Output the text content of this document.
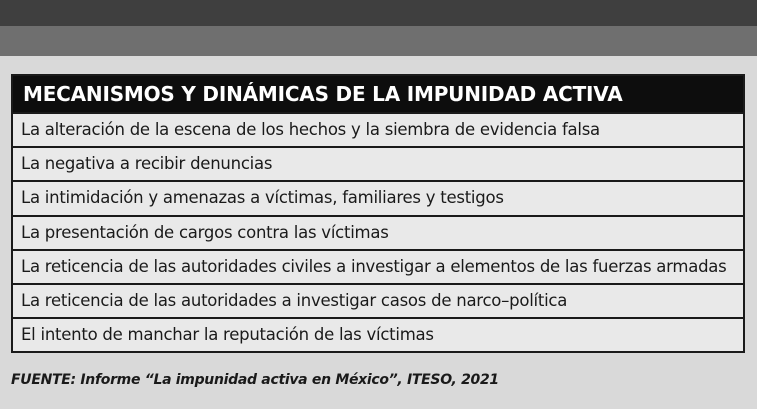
MECANISMOS Y DINÁMICAS DE LA IMPUNIDAD ACTIVA
La alteración de la escena de los hechos y la siembra de evidencia falsa
La negativa a recibir denuncias
La intimidación y amenazas a víctimas, familiares y testigos
La presentación de cargos contra las víctimas
La reticencia de las autoridades civiles a investigar a elementos de las fuerzas armadas
La reticencia de las autoridades a investigar casos de narco–política
El intento de manchar la reputación de las víctimas
FUENTE: Informe “La impunidad activa en México”, ITESO, 2021
